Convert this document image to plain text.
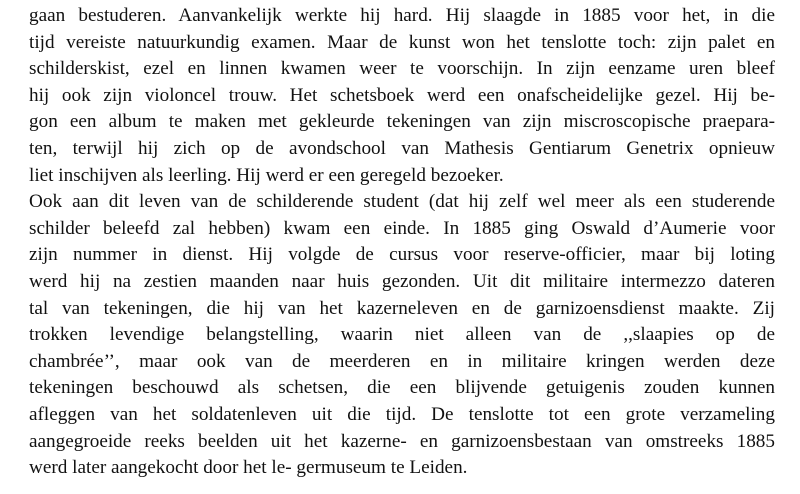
gaan bestuderen. Aanvankelijk werkte hij hard. Hij slaagde in 1885 voor het, in die
tijd vereiste natuurkundig examen. Maar de kunst won het tenslotte toch: zijn palet en
schilderskist, ezel en linnen kwamen weer te voorschijn. In zijn eenzame uren bleef
hij ook zijn violoncel trouw. Het schetsboek werd een onafscheidelijke gezel. Hij be-
gon een album te maken met gekleurde tekeningen van zijn miscroscopische praepara-
ten, terwijl hij zich op de avondschool van Mathesis Gentiarum Genetrix opnieuw
liet inschijven als leerling. Hij werd er een geregeld bezoeker.
Ook aan dit leven van de schilderende student (dat hij zelf wel meer als een studerende
schilder beleefd zal hebben) kwam een einde. In 1885 ging Oswald d’Aumerie voor
zijn nummer in dienst. Hij volgde de cursus voor reserve-officier, maar bij loting
werd hij na zestien maanden naar huis gezonden. Uit dit militaire intermezzo dateren
tal van tekeningen, die hij van het kazerneleven en de garnizoensdienst maakte. Zij
trokken levendige belangstelling, waarin niet alleen van de ,,slaapies op de
chambrée’’, maar ook van de meerderen en in militaire kringen werden deze
tekeningen beschouwd als schetsen, die een blijvende getuigenis zouden kunnen
afleggen van het soldatenleven uit die tijd. De tenslotte tot een grote verzameling
aangegroeide reeks beelden uit het kazerne- en garnizoensbestaan van omstreeks 1885
werd later aangekocht door het le- germuseum te Leiden.
